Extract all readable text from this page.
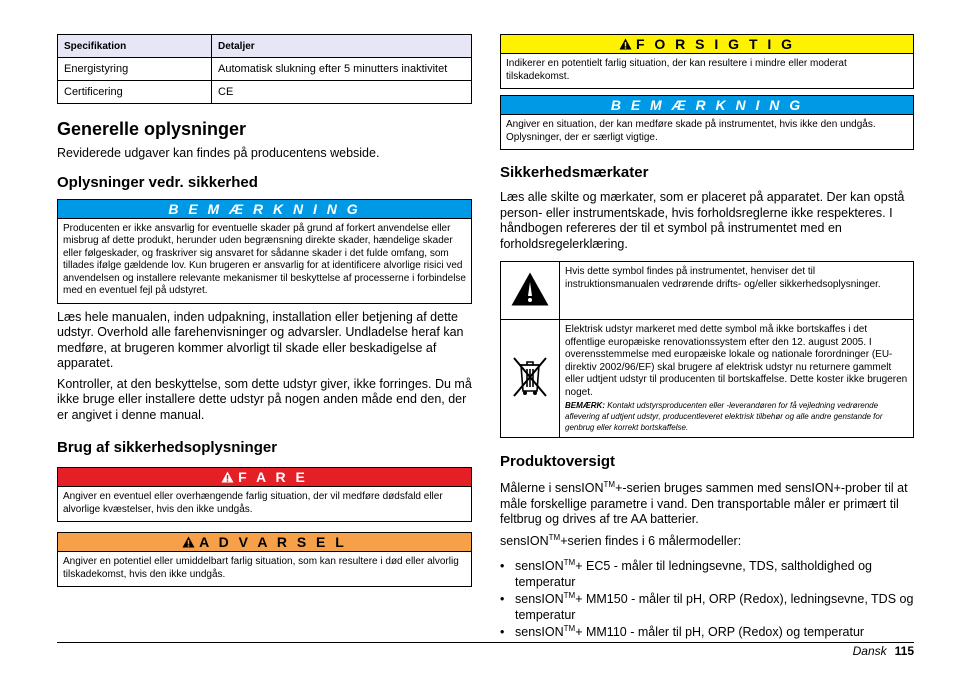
Specifikation	Detaljer
Energistyring	Automatisk slukning efter 5 minutters inaktivitet
Certificering	CE
Generelle oplysninger

Reviderede udgaver kan findes på producentens webside.

Oplysninger vedr. sikkerhed
B E M Æ R K N I N G
Producenten er ikke ansvarlig for eventuelle skader på grund af forkert anvendelse eller misbrug af dette produkt, herunder uden begrænsning direkte skader, hændelige skader eller følgeskader, og fraskriver sig ansvaret for sådanne skader i det fulde omfang, som tillades ifølge gældende lov. Kun brugeren er ansvarlig for at identificere alvorlige risici ved anvendelsen og installere relevante mekanismer til beskyttelse af processerne i forbindelse med en eventuel fejl på udstyret.

Læs hele manualen, inden udpakning, installation eller betjening af dette udstyr. Overhold alle farehenvisninger og advarsler. Undladelse heraf kan medføre, at brugeren kommer alvorligt til skade eller beskadigelse af apparatet.

Kontroller, at den beskyttelse, som dette udstyr giver, ikke forringes. Du må ikke bruge eller installere dette udstyr på nogen anden måde end den, der er angivet i denne manual.

Brug af sikkerhedsoplysninger
F A R E
Angiver en eventuel eller overhængende farlig situation, der vil medføre dødsfald eller alvorlige kvæstelser, hvis den ikke undgås.
A D V A R S E L
Angiver en potentiel eller umiddelbart farlig situation, som kan resultere i død eller alvorlig tilskadekomst, hvis den ikke undgås.
F O R S I G T I G
Indikerer en potentielt farlig situation, der kan resultere i mindre eller moderat tilskadekomst.
B E M Æ R K N I N G
Angiver en situation, der kan medføre skade på instrumentet, hvis ikke den undgås. Oplysninger, der er særligt vigtige.
Sikkerhedsmærkater

Læs alle skilte og mærkater, som er placeret på apparatet. Der kan opstå person- eller instrumentskade, hvis forholdsreglerne ikke respekteres. I håndbogen refereres der til et symbol på instrumentet med en forholdsregelerklæring.

	Hvis dette symbol findes på instrumentet, henviser det til instruktionsmanualen vedrørende drifts- og/eller sikkerhedsoplysninger.

Elektrisk udstyr markeret med dette symbol må ikke bortskaffes i det offentlige europæiske renovationssystem efter den 12. august 2005. I overensstemmelse med europæiske lokale og nationale forordninger (EU-direktiv 2002/96/EF) skal brugere af elektrisk udstyr nu returnere gammelt eller udtjent udstyr til producenten til bortskaffelse. Dette koster ikke brugeren noget.
BEMÆRK: Kontakt udstyrsproducenten eller -leverandøren for få vejledning vedrørende aflevering af udtjent udstyr, producentleveret elektrisk tilbehør og alle andre genstande for genbrug eller korrekt bortskaffelse.
Produktoversigt

Målerne i sensION™+-serien bruges sammen med sensION+-prober til at måle forskellige parametre i vand. Den transportable måler er primært til feltbrug og drives af tre AA batterier.

sensION™+serien findes i 6 målermodeller:

• sensION™+ EC5 - måler til ledningsevne, TDS, saltholdighed og temperatur
• sensION™+ MM150 - måler til pH, ORP (Redox), ledningsevne, TDS og temperatur
• sensION™+ MM110 - måler til pH, ORP (Redox) og temperatur
Dansk 115
